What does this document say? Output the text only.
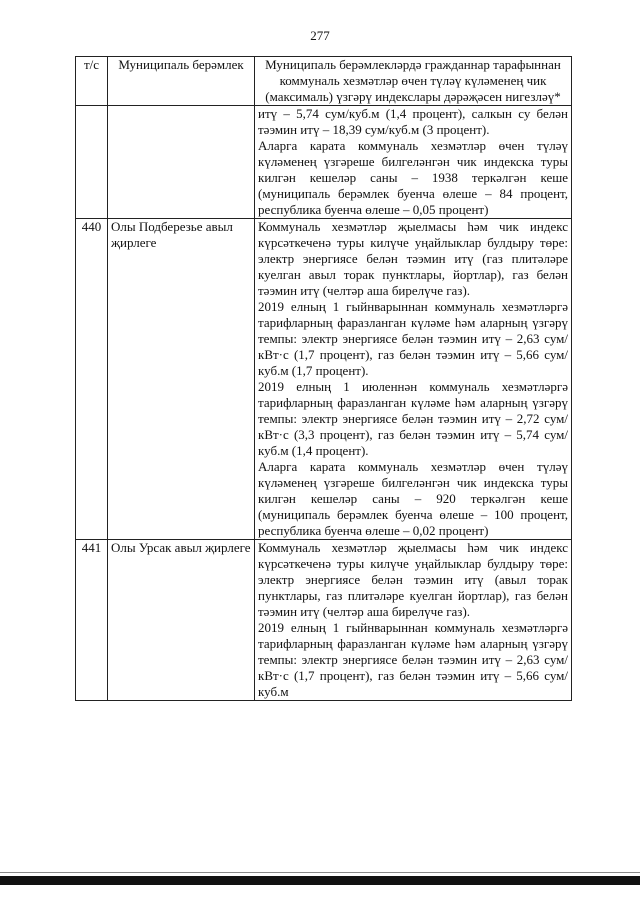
277
т/с	Муниципаль берәмлек	Муниципаль берәмлекләрдә гражданнар тарафыннан коммуналь хезмәтләр өчен түләү күләменең чик (максималь) үзгәрү индекслары дәрәҗәсен нигезләү*

		итү – 5,74 сум/куб.м (1,4 процент), салкын су белән тәэмин итү – 18,39 сум/куб.м (3 процент).

Аларга карата коммуналь хезмәтләр өчен түләү күләменең үзгәреше билгеләнгән чик индекска туры килгән кешеләр саны – 1938 теркәлгән кеше (муниципаль берәмлек буенча өлеше – 84 процент, республика буенча өлеше – 0,05 процент)

440	Олы Подберезье авыл җирлеге	Коммуналь хезмәтләр җыелмасы һәм чик индекс күрсәткеченә туры килүче уңайлыклар булдыру төре: электр энергиясе белән тәэмин итү (газ плитәләре куелган авыл торак пунктлары, йортлар), газ белән тәэмин итү (челтәр аша бирелүче газ).

2019 елның 1 гыйнварыннан коммуналь хезмәтләргә тарифларның фаразланган күләме һәм аларның үзгәрү темпы: электр энергиясе белән тәэмин итү – 2,63 сум/кВт·с (1,7 процент), газ белән тәэмин итү – 5,66 сум/куб.м (1,7 процент).

2019 елның 1 июленнән коммуналь хезмәтләргә тарифларның фаразланган күләме һәм аларның үзгәрү темпы: электр энергиясе белән тәэмин итү – 2,72 сум/кВт·с (3,3 процент), газ белән тәэмин итү – 5,74 сум/куб.м (1,4 процент).

Аларга карата коммуналь хезмәтләр өчен түләү күләменең үзгәреше билгеләнгән чик индекска туры килгән кешеләр саны – 920 теркәлгән кеше (муниципаль берәмлек буенча өлеше – 100 процент, республика буенча өлеше – 0,02 процент)

441	Олы Урсак авыл җирлеге	Коммуналь хезмәтләр җыелмасы һәм чик индекс күрсәткеченә туры килүче уңайлыклар булдыру төре: электр энергиясе белән тәэмин итү (авыл торак пунктлары, газ плитәләре куелган йортлар), газ белән тәэмин итү (челтәр аша бирелүче газ).

2019 елның 1 гыйнварыннан коммуналь хезмәтләргә тарифларның фаразланган күләме һәм аларның үзгәрү темпы: электр энергиясе белән тәэмин итү – 2,63 сум/кВт·с (1,7 процент), газ белән тәэмин итү – 5,66 сум/куб.м
